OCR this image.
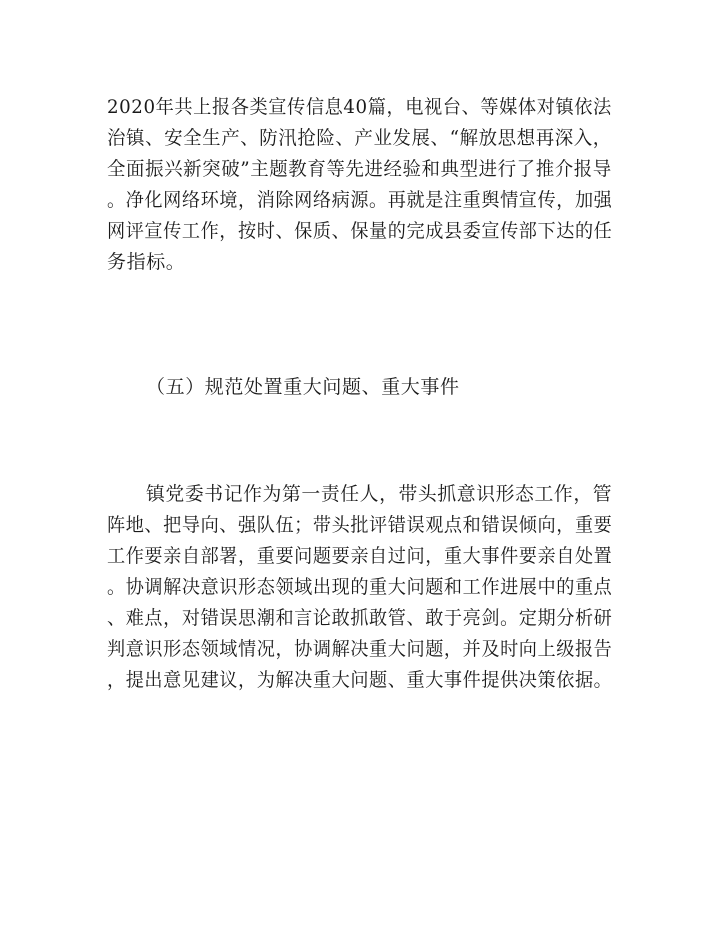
2020年共上报各类宣传信息40篇，电视台、等媒体对镇依法
治镇、安全生产、防汛抢险、产业发展、“解放思想再深入，
全面振兴新突破”主题教育等先进经验和典型进行了推介报导
。净化网络环境，消除网络病源。再就是注重舆情宣传，加强
网评宣传工作，按时、保质、保量的完成县委宣传部下达的任
务指标。
（五）规范处置重大问题、重大事件
镇党委书记作为第一责任人，带头抓意识形态工作，管
阵地、把导向、强队伍；带头批评错误观点和错误倾向，重要
工作要亲自部署，重要问题要亲自过问，重大事件要亲自处置
。协调解决意识形态领域出现的重大问题和工作进展中的重点
、难点，对错误思潮和言论敢抓敢管、敢于亮剑。定期分析研
判意识形态领域情况，协调解决重大问题，并及时向上级报告
，提出意见建议，为解决重大问题、重大事件提供决策依据。
